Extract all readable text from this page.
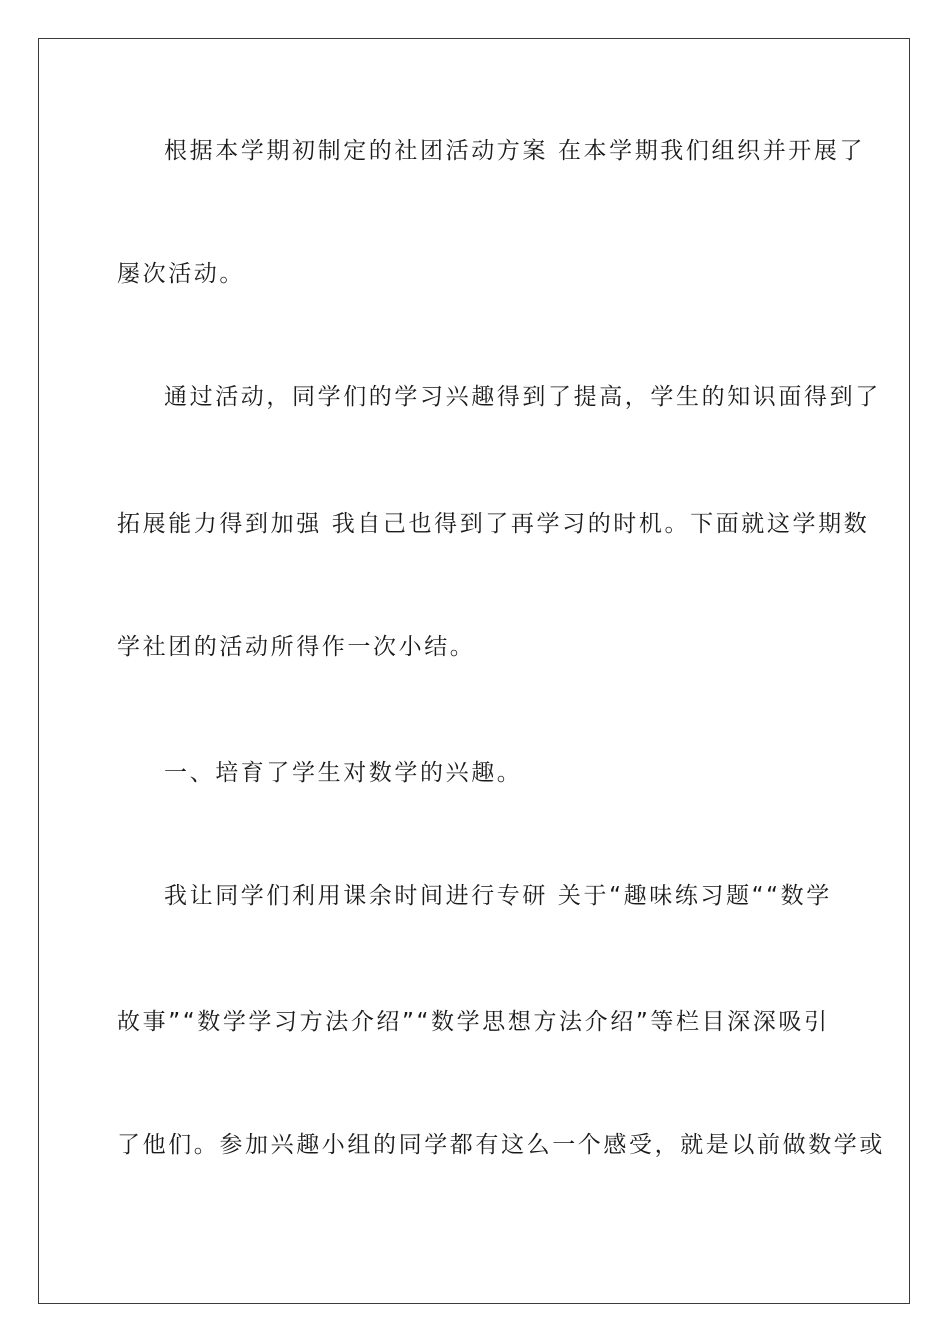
根据本学期初制定的社团活动方案 在本学期我们组织并开展了
屡次活动。
通过活动，同学们的学习兴趣得到了提高，学生的知识面得到了
拓展能力得到加强 我自己也得到了再学习的时机。下面就这学期数
学社团的活动所得作一次小结。
一、培育了学生对数学的兴趣。
我让同学们利用课余时间进行专研 关于“趣味练习题““数学
故事”“数学学习方法介绍”“数学思想方法介绍”等栏目深深吸引
了他们。参加兴趣小组的同学都有这么一个感受，就是以前做数学或
